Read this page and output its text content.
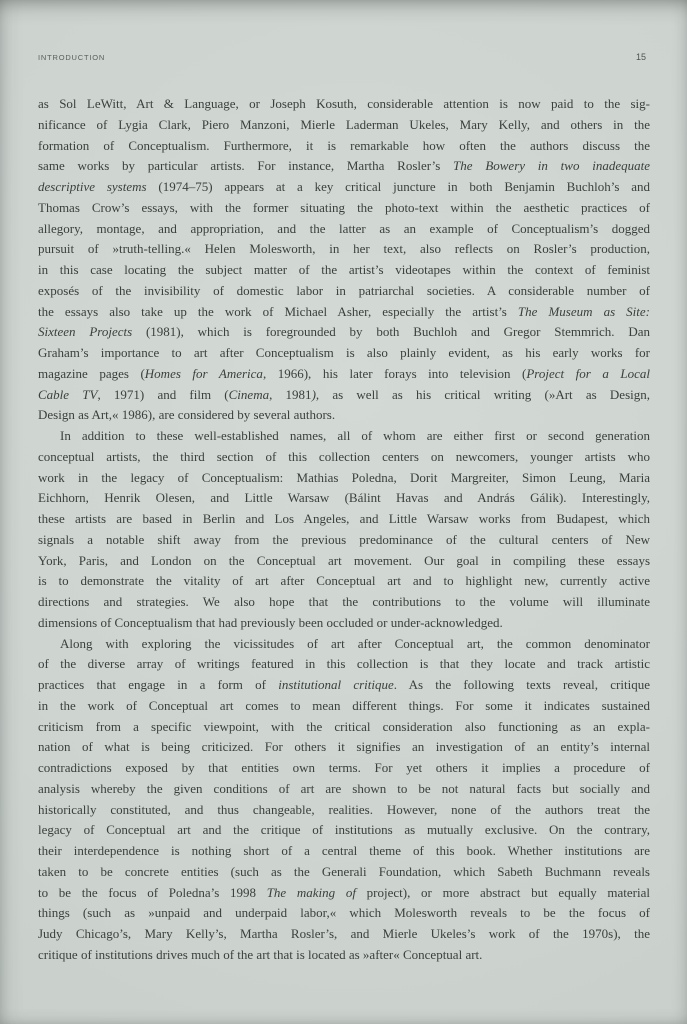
INTRODUCTION	15
as Sol LeWitt, Art & Language, or Joseph Kosuth, considerable attention is now paid to the sig-
nificance of Lygia Clark, Piero Manzoni, Mierle Laderman Ukeles, Mary Kelly, and others in the
formation of Conceptualism. Furthermore, it is remarkable how often the authors discuss the
same works by particular artists. For instance, Martha Rosler’s The Bowery in two inadequate
descriptive systems (1974–75) appears at a key critical juncture in both Benjamin Buchloh’s and
Thomas Crow’s essays, with the former situating the photo-text within the aesthetic practices of
allegory, montage, and appropriation, and the latter as an example of Conceptualism’s dogged
pursuit of »truth-telling.« Helen Molesworth, in her text, also reflects on Rosler’s production,
in this case locating the subject matter of the artist’s videotapes within the context of feminist
exposés of the invisibility of domestic labor in patriarchal societies. A considerable number of
the essays also take up the work of Michael Asher, especially the artist’s The Museum as Site:
Sixteen Projects (1981), which is foregrounded by both Buchloh and Gregor Stemmrich. Dan
Graham’s importance to art after Conceptualism is also plainly evident, as his early works for
magazine pages (Homes for America, 1966), his later forays into television (Project for a Local
Cable TV, 1971) and film (Cinema, 1981), as well as his critical writing (»Art as Design,
Design as Art,« 1986), are considered by several authors.
In addition to these well-established names, all of whom are either first or second generation
conceptual artists, the third section of this collection centers on newcomers, younger artists who
work in the legacy of Conceptualism: Mathias Poledna, Dorit Margreiter, Simon Leung, Maria
Eichhorn, Henrik Olesen, and Little Warsaw (Bálint Havas and András Gálik). Interestingly,
these artists are based in Berlin and Los Angeles, and Little Warsaw works from Budapest, which
signals a notable shift away from the previous predominance of the cultural centers of New
York, Paris, and London on the Conceptual art movement. Our goal in compiling these essays
is to demonstrate the vitality of art after Conceptual art and to highlight new, currently active
directions and strategies. We also hope that the contributions to the volume will illuminate
dimensions of Conceptualism that had previously been occluded or under-acknowledged.
Along with exploring the vicissitudes of art after Conceptual art, the common denominator
of the diverse array of writings featured in this collection is that they locate and track artistic
practices that engage in a form of institutional critique. As the following texts reveal, critique
in the work of Conceptual art comes to mean different things. For some it indicates sustained
criticism from a specific viewpoint, with the critical consideration also functioning as an expla-
nation of what is being criticized. For others it signifies an investigation of an entity’s internal
contradictions exposed by that entities own terms. For yet others it implies a procedure of
analysis whereby the given conditions of art are shown to be not natural facts but socially and
historically constituted, and thus changeable, realities. However, none of the authors treat the
legacy of Conceptual art and the critique of institutions as mutually exclusive. On the contrary,
their interdependence is nothing short of a central theme of this book. Whether institutions are
taken to be concrete entities (such as the Generali Foundation, which Sabeth Buchmann reveals
to be the focus of Poledna’s 1998 The making of project), or more abstract but equally material
things (such as »unpaid and underpaid labor,« which Molesworth reveals to be the focus of
Judy Chicago’s, Mary Kelly’s, Martha Rosler’s, and Mierle Ukeles’s work of the 1970s), the
critique of institutions drives much of the art that is located as »after« Conceptual art.
